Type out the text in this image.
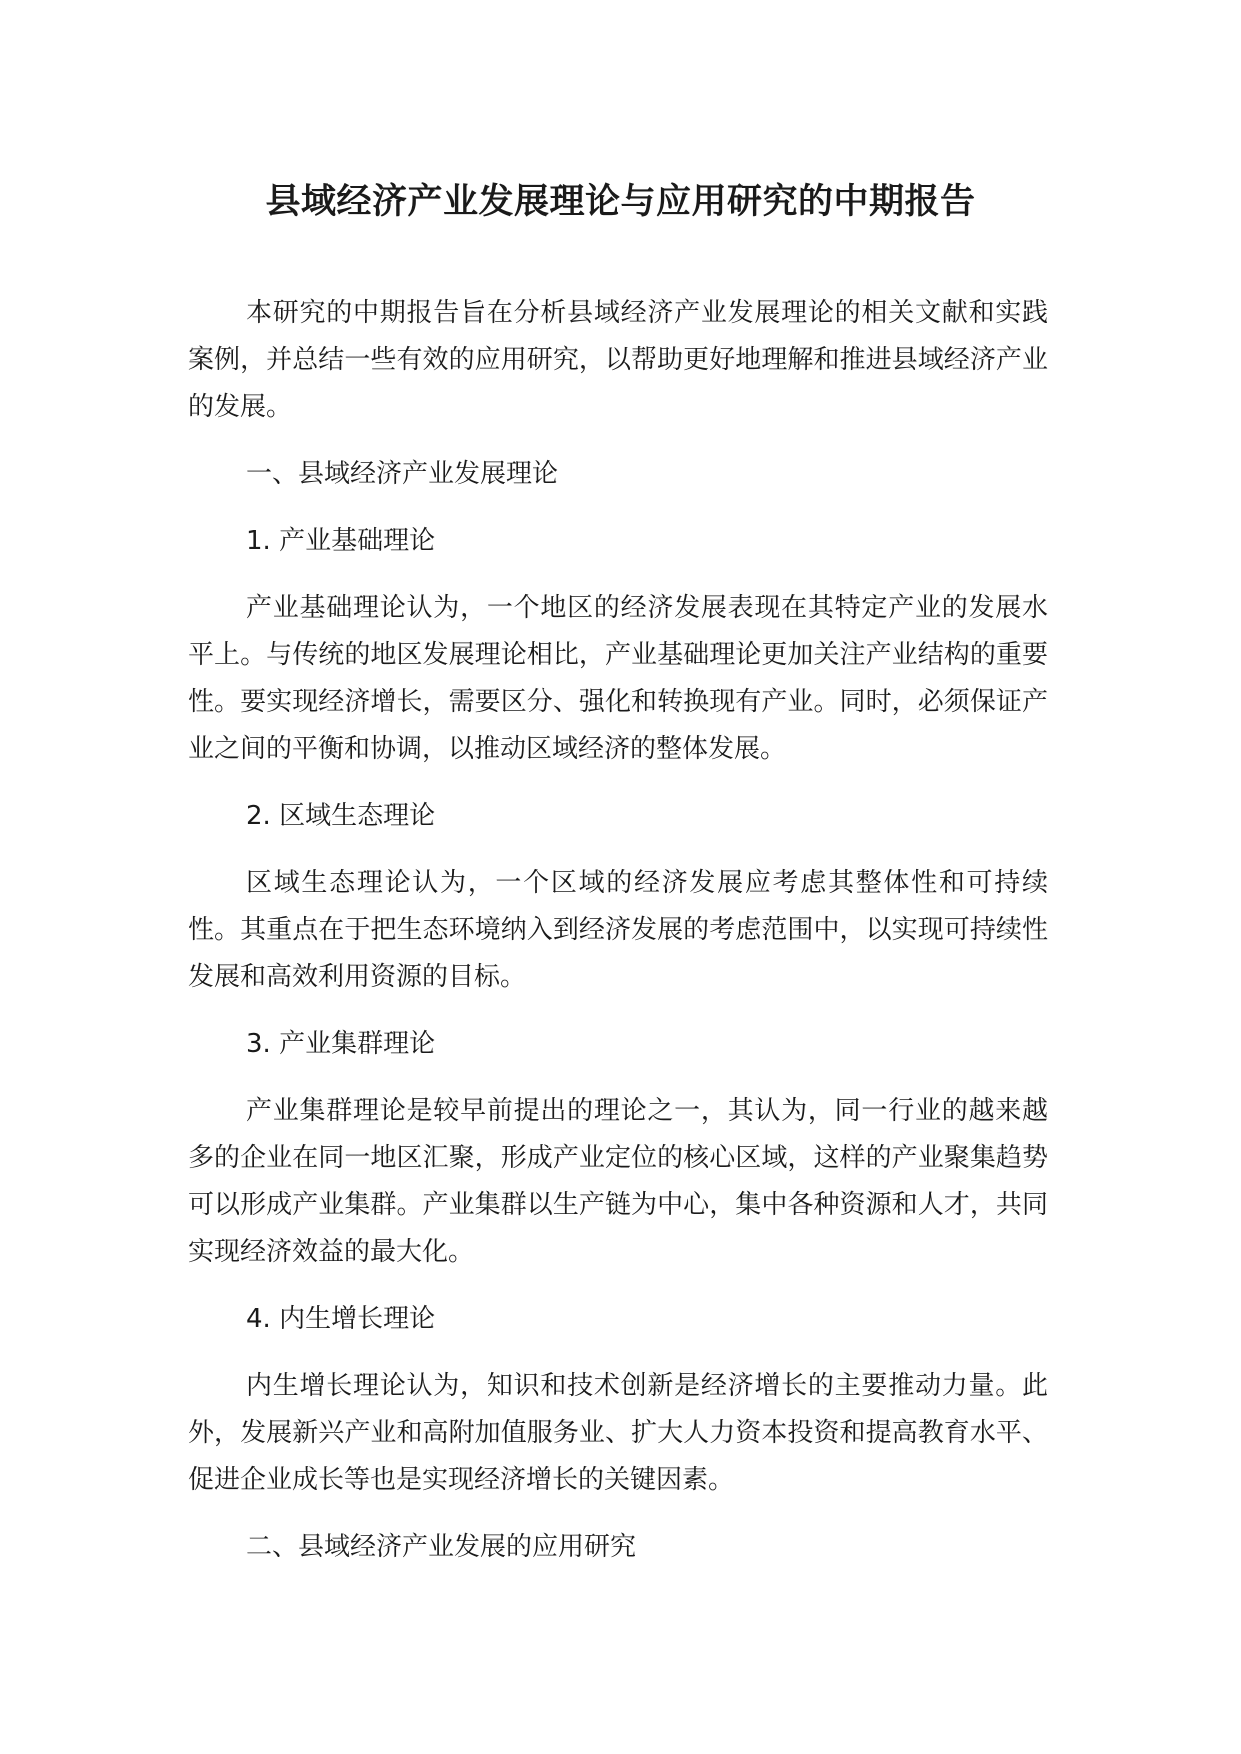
县域经济产业发展理论与应用研究的中期报告

本研究的中期报告旨在分析县域经济产业发展理论的相关文献和实践案例，并总结一些有效的应用研究，以帮助更好地理解和推进县域经济产业的发展。

一、县域经济产业发展理论

1. 产业基础理论

产业基础理论认为，一个地区的经济发展表现在其特定产业的发展水平上。与传统的地区发展理论相比，产业基础理论更加关注产业结构的重要性。要实现经济增长，需要区分、强化和转换现有产业。同时，必须保证产业之间的平衡和协调，以推动区域经济的整体发展。

2. 区域生态理论

区域生态理论认为，一个区域的经济发展应考虑其整体性和可持续性。其重点在于把生态环境纳入到经济发展的考虑范围中，以实现可持续性发展和高效利用资源的目标。

3. 产业集群理论

产业集群理论是较早前提出的理论之一，其认为，同一行业的越来越多的企业在同一地区汇聚，形成产业定位的核心区域，这样的产业聚集趋势可以形成产业集群。产业集群以生产链为中心，集中各种资源和人才，共同实现经济效益的最大化。

4. 内生增长理论

内生增长理论认为，知识和技术创新是经济增长的主要推动力量。此外，发展新兴产业和高附加值服务业、扩大人力资本投资和提高教育水平、促进企业成长等也是实现经济增长的关键因素。

二、县域经济产业发展的应用研究
